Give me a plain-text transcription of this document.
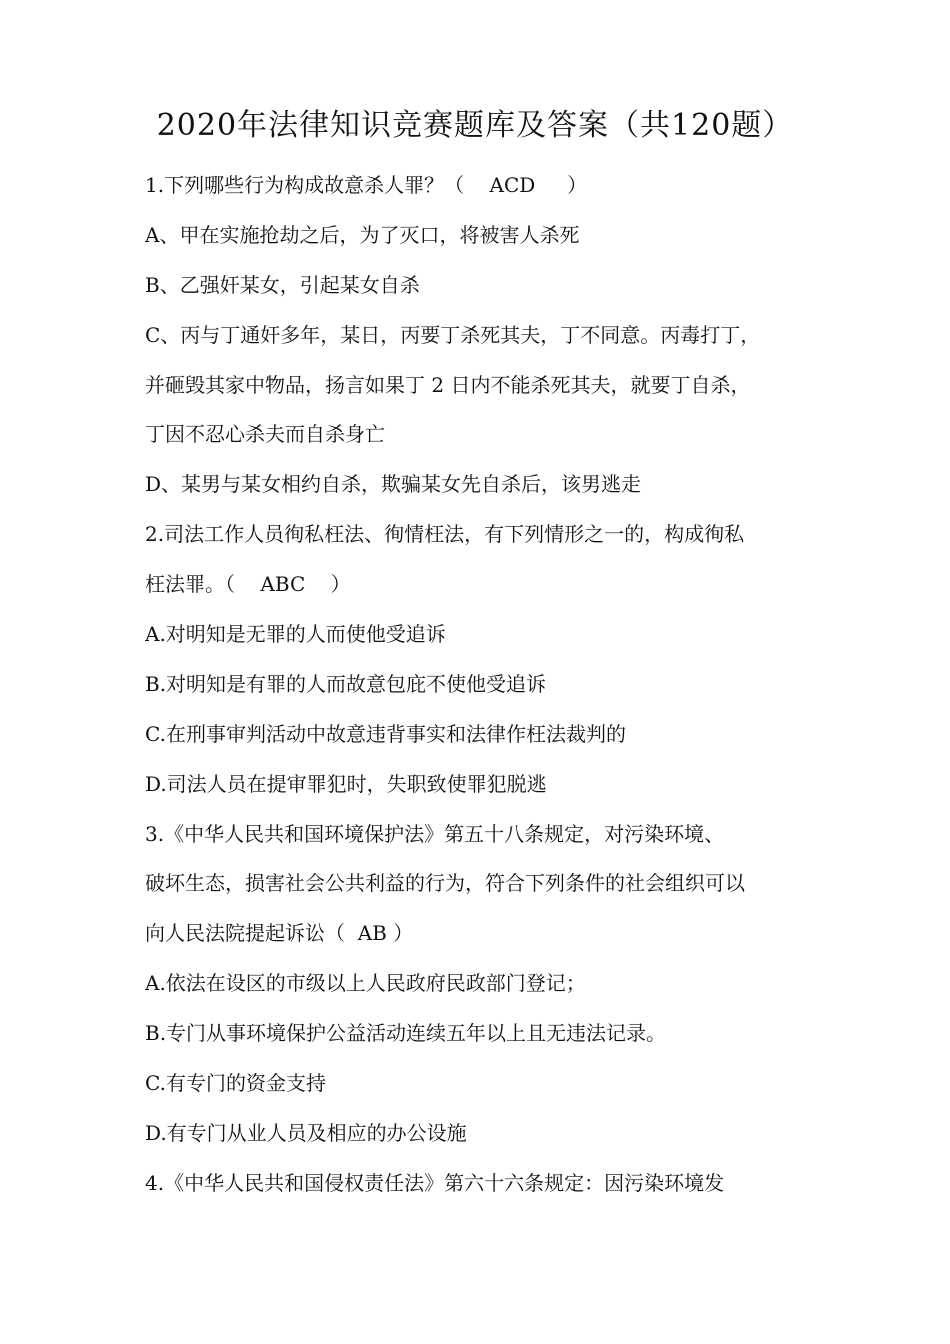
2020年法律知识竞赛题库及答案（共120题）
1.下列哪些行为构成故意杀人罪？（    ACD     ）
A、甲在实施抢劫之后，为了灭口，将被害人杀死
B、乙强奸某女，引起某女自杀
C、丙与丁通奸多年，某日，丙要丁杀死其夫，丁不同意。丙毒打丁，
并砸毁其家中物品，扬言如果丁 2 日内不能杀死其夫，就要丁自杀，
丁因不忍心杀夫而自杀身亡
D、某男与某女相约自杀，欺骗某女先自杀后，该男逃走
2.司法工作人员徇私枉法、徇情枉法，有下列情形之一的，构成徇私
枉法罪。（    ABC    ）
A.对明知是无罪的人而使他受追诉
B.对明知是有罪的人而故意包庇不使他受追诉
C.在刑事审判活动中故意违背事实和法律作枉法裁判的
D.司法人员在提审罪犯时，失职致使罪犯脱逃
3.《中华人民共和国环境保护法》第五十八条规定，对污染环境、
破坏生态，损害社会公共利益的行为，符合下列条件的社会组织可以
向人民法院提起诉讼（  AB ）
A.依法在设区的市级以上人民政府民政部门登记；
B.专门从事环境保护公益活动连续五年以上且无违法记录。
C.有专门的资金支持
D.有专门从业人员及相应的办公设施
4.《中华人民共和国侵权责任法》第六十六条规定：因污染环境发
